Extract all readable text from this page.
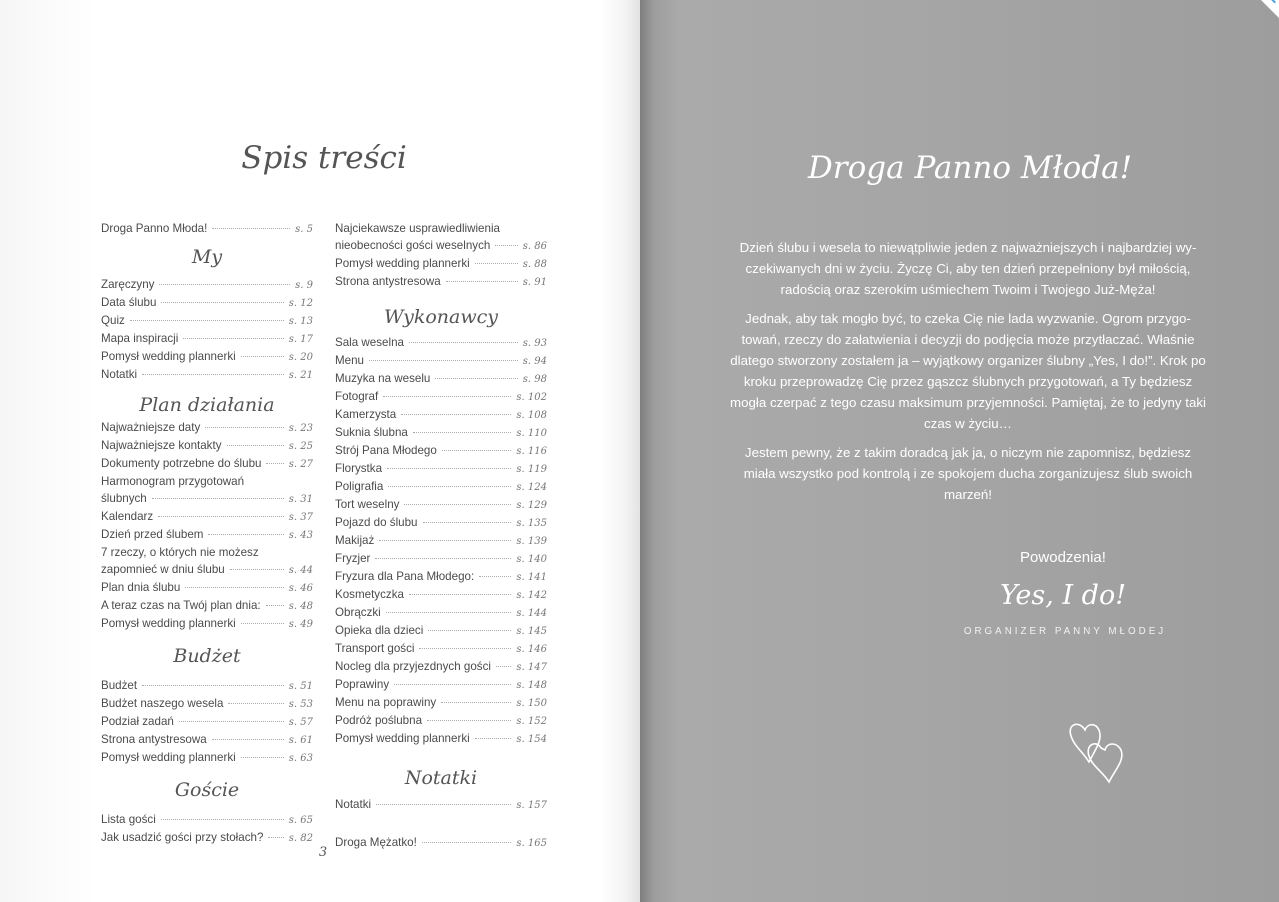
Spis treści
Droga Panno Młoda!	s. 5
My
Zaręczyny	s. 9
Data ślubu	s. 12
Quiz	s. 13
Mapa inspiracji	s. 17
Pomysł wedding plannerki	s. 20
Notatki	s. 21
Plan działania
Najważniejsze daty	s. 23
Najważniejsze kontakty	s. 25
Dokumenty potrzebne do ślubu	s. 27
Harmonogram przygotowań
ślubnych	s. 31
Kalendarz	s. 37
Dzień przed ślubem	s. 43
7 rzeczy, o których nie możesz
zapomnieć w dniu ślubu	s. 44
Plan dnia ślubu	s. 46
A teraz czas na Twój plan dnia:	s. 48
Pomysł wedding plannerki	s. 49
Budżet
Budżet	s. 51
Budżet naszego wesela	s. 53
Podział zadań	s. 57
Strona antystresowa	s. 61
Pomysł wedding plannerki	s. 63
Goście
Lista gości	s. 65
Jak usadzić gości przy stołach?	s. 82
Najciekawsze usprawiedliwienia
nieobecności gości weselnych	s. 86
Pomysł wedding plannerki	s. 88
Strona antystresowa	s. 91
Wykonawcy
Sala weselna	s. 93
Menu	s. 94
Muzyka na weselu	s. 98
Fotograf	s. 102
Kamerzysta	s. 108
Suknia ślubna	s. 110
Strój Pana Młodego	s. 116
Florystka	s. 119
Poligrafia	s. 124
Tort weselny	s. 129
Pojazd do ślubu	s. 135
Makijaż	s. 139
Fryzjer	s. 140
Fryzura dla Pana Młodego:	s. 141
Kosmetyczka	s. 142
Obrączki	s. 144
Opieka dla dzieci	s. 145
Transport gości	s. 146
Nocleg dla przyjezdnych gości	s. 147
Poprawiny	s. 148
Menu na poprawiny	s. 150
Podróż poślubna	s. 152
Pomysł wedding plannerki	s. 154
Notatki
Notatki	s. 157
Droga Mężatko!	s. 165
3
Droga Panno Młoda!

Dzień ślubu i wesela to niewątpliwie jeden z najważniejszych i najbardziej wy-czekiwanych dni w życiu. Życzę Ci, aby ten dzień przepełniony był miłością, radością oraz szerokim uśmiechem Twoim i Twojego Już-Męża!

Jednak, aby tak mogło być, to czeka Cię nie lada wyzwanie. Ogrom przygo-towań, rzeczy do załatwienia i decyzji do podjęcia może przytłaczać. Właśnie dlatego stworzony zostałem ja – wyjątkowy organizer ślubny „Yes, I do!”. Krok po kroku przeprowadzę Cię przez gąszcz ślubnych przygotowań, a Ty będziesz mogła czerpać z tego czasu maksimum przyjemności. Pamiętaj, że to jedyny taki czas w życiu…

Jestem pewny, że z takim doradcą jak ja, o niczym nie zapomnisz, będziesz miała wszystko pod kontrolą i ze spokojem ducha zorganizujesz ślub swoich marzeń!

Powodzenia!
Yes, I do!
ORGANIZER PANNY MŁODEJ
